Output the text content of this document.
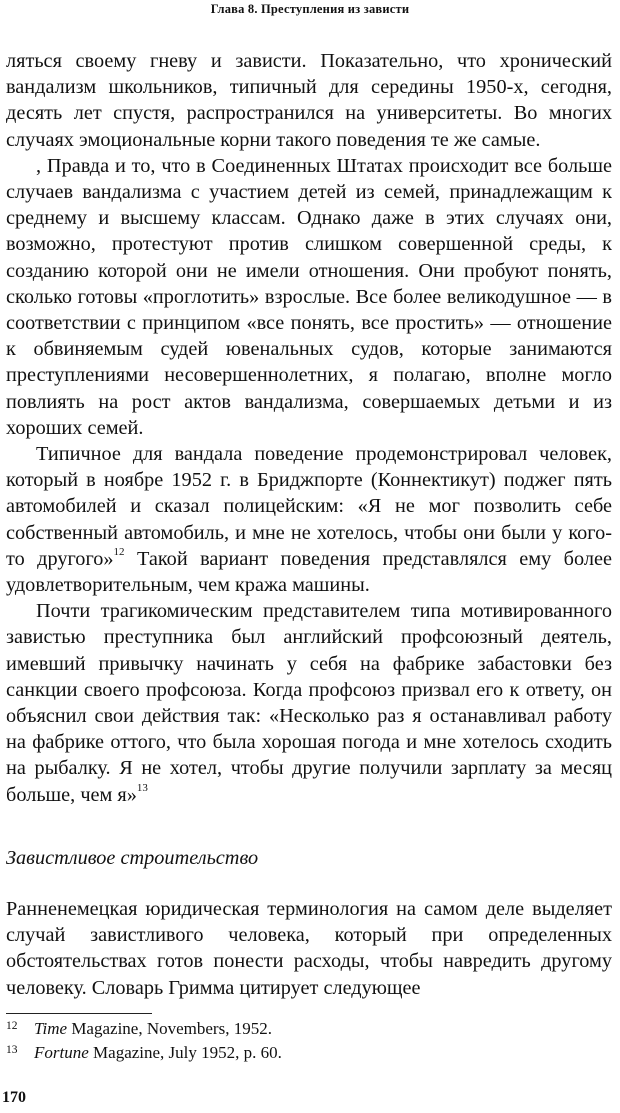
Глава 8. Преступления из зависти

ляться своему гневу и зависти. Показательно, что хронический вандализм школьников, типичный для середины 1950-х, сегодня, десять лет спустя, распространился на университеты. Во многих случаях эмоциональные корни такого поведения те же самые.

, Правда и то, что в Соединенных Штатах происходит все больше случаев вандализма с участием детей из семей, принадлежащим к среднему и высшему классам. Однако даже в этих случаях они, возможно, протестуют против слишком совершенной среды, к созданию которой они не имели отношения. Они пробуют понять, сколько готовы «проглотить» взрослые. Все более великодушное — в соответствии с принципом «все понять, все простить» — отношение к обвиняемым судей ювенальных судов, которые занимаются преступлениями несовершеннолетних, я полагаю, вполне могло повлиять на рост актов вандализма, совершаемых детьми и из хороших семей.

Типичное для вандала поведение продемонстрировал человек, который в ноябре 1952 г. в Бриджпорте (Коннектикут) поджег пять автомобилей и сказал полицейским: «Я не мог позволить себе собственный автомобиль, и мне не хотелось, чтобы они были у кого-то другого»$^{12}$ Такой вариант поведения представлялся ему более удовлетворительным, чем кража машины.

Почти трагикомическим представителем типа мотивированного завистью преступника был английский профсоюзный деятель, имевший привычку начинать у себя на фабрике забастовки без санкции своего профсоюза. Когда профсоюз призвал его к ответу, он объяснил свои действия так: «Несколько раз я останавливал работу на фабрике оттого, что была хорошая погода и мне хотелось сходить на рыбалку. Я не хотел, чтобы другие получили зарплату за месяц больше, чем я»$^{13}$

Завистливое строительство

Ранненемецкая юридическая терминология на самом деле выделяет случай завистливого человека, который при определенных обстоятельствах готов понести расходы, чтобы навредить другому человеку. Словарь Гримма цитирует следующее

12 Time Magazine, Novembers, 1952.
13 Fortune Magazine, July 1952, p. 60.
170
